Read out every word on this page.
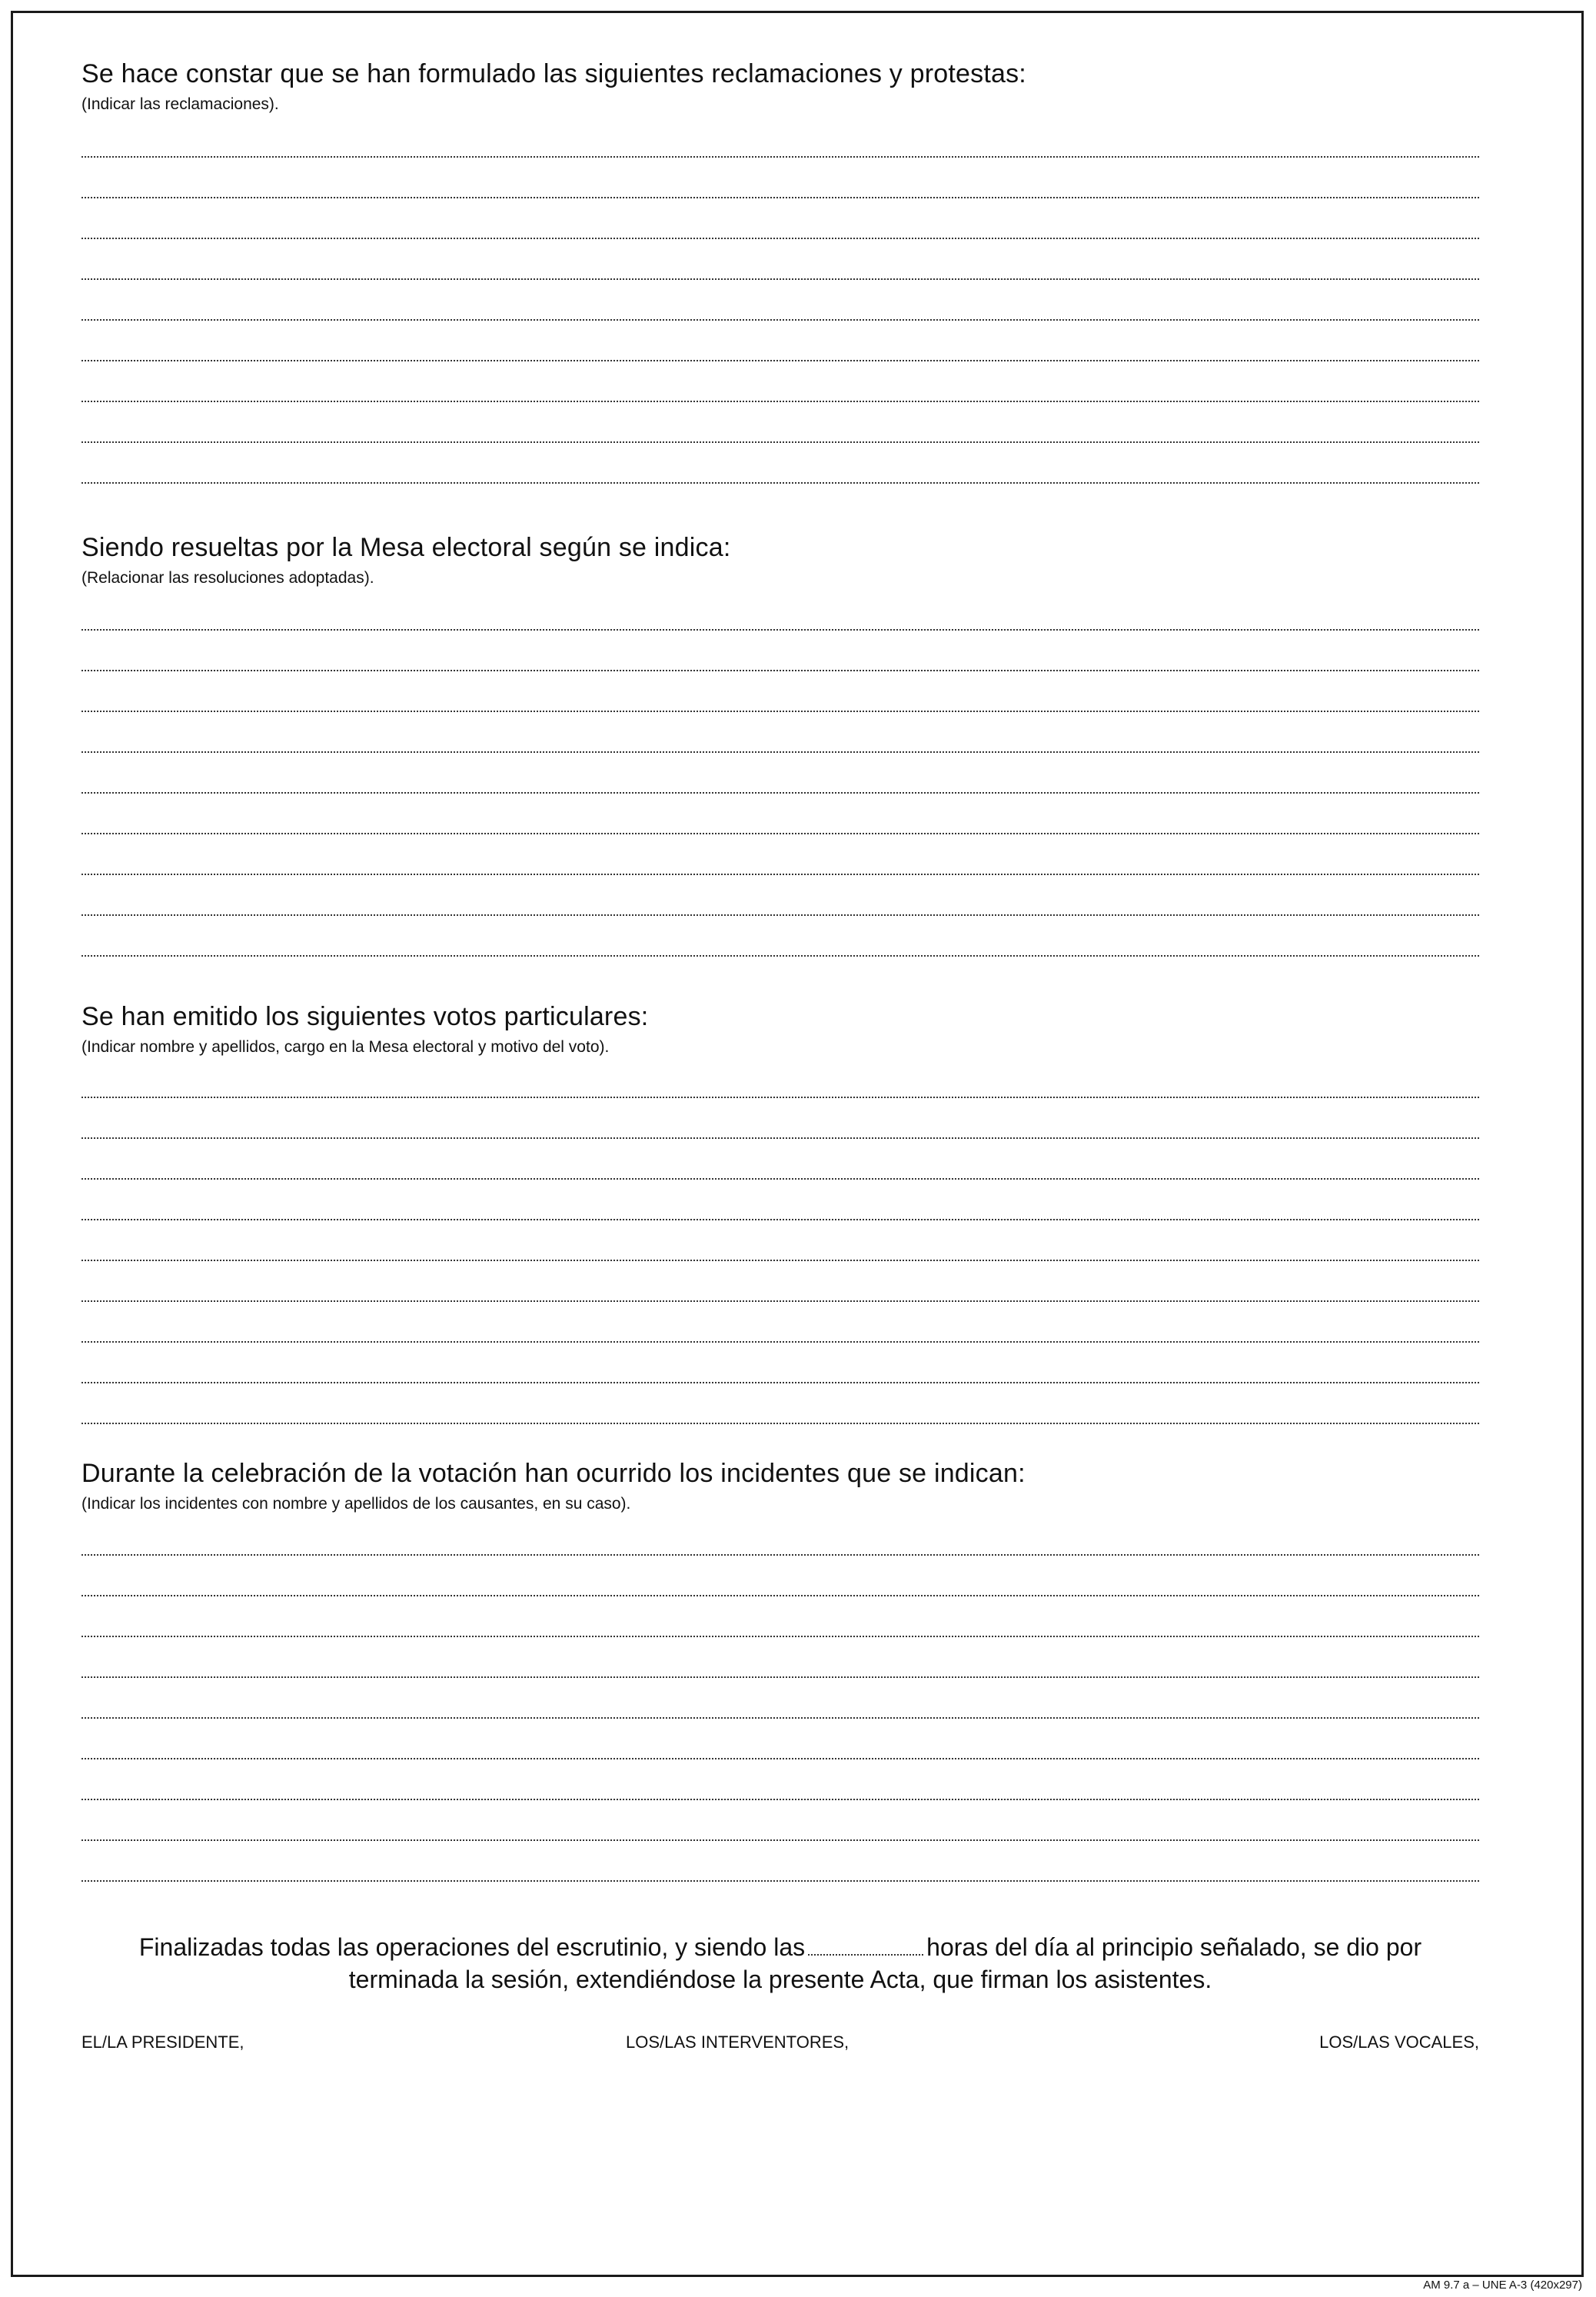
Se hace constar que se han formulado las siguientes reclamaciones y protestas:

(Indicar las reclamaciones).

Siendo resueltas por la Mesa electoral según se indica:

(Relacionar las resoluciones adoptadas).

Se han emitido los siguientes votos particulares:

(Indicar nombre y apellidos, cargo en la Mesa electoral y motivo del voto).

Durante la celebración de la votación han ocurrido los incidentes que se indican:

(Indicar los incidentes con nombre y apellidos de los causantes, en su caso).

Finalizadas todas las operaciones del escrutinio, y siendo las	horas del día al principio señalado, se dio por terminada la sesión, extendiéndose la presente Acta, que firman los asistentes.
EL/LA PRESIDENTE,	LOS/LAS INTERVENTORES,	LOS/LAS VOCALES,
AM 9.7 a – UNE A-3 (420x297)
